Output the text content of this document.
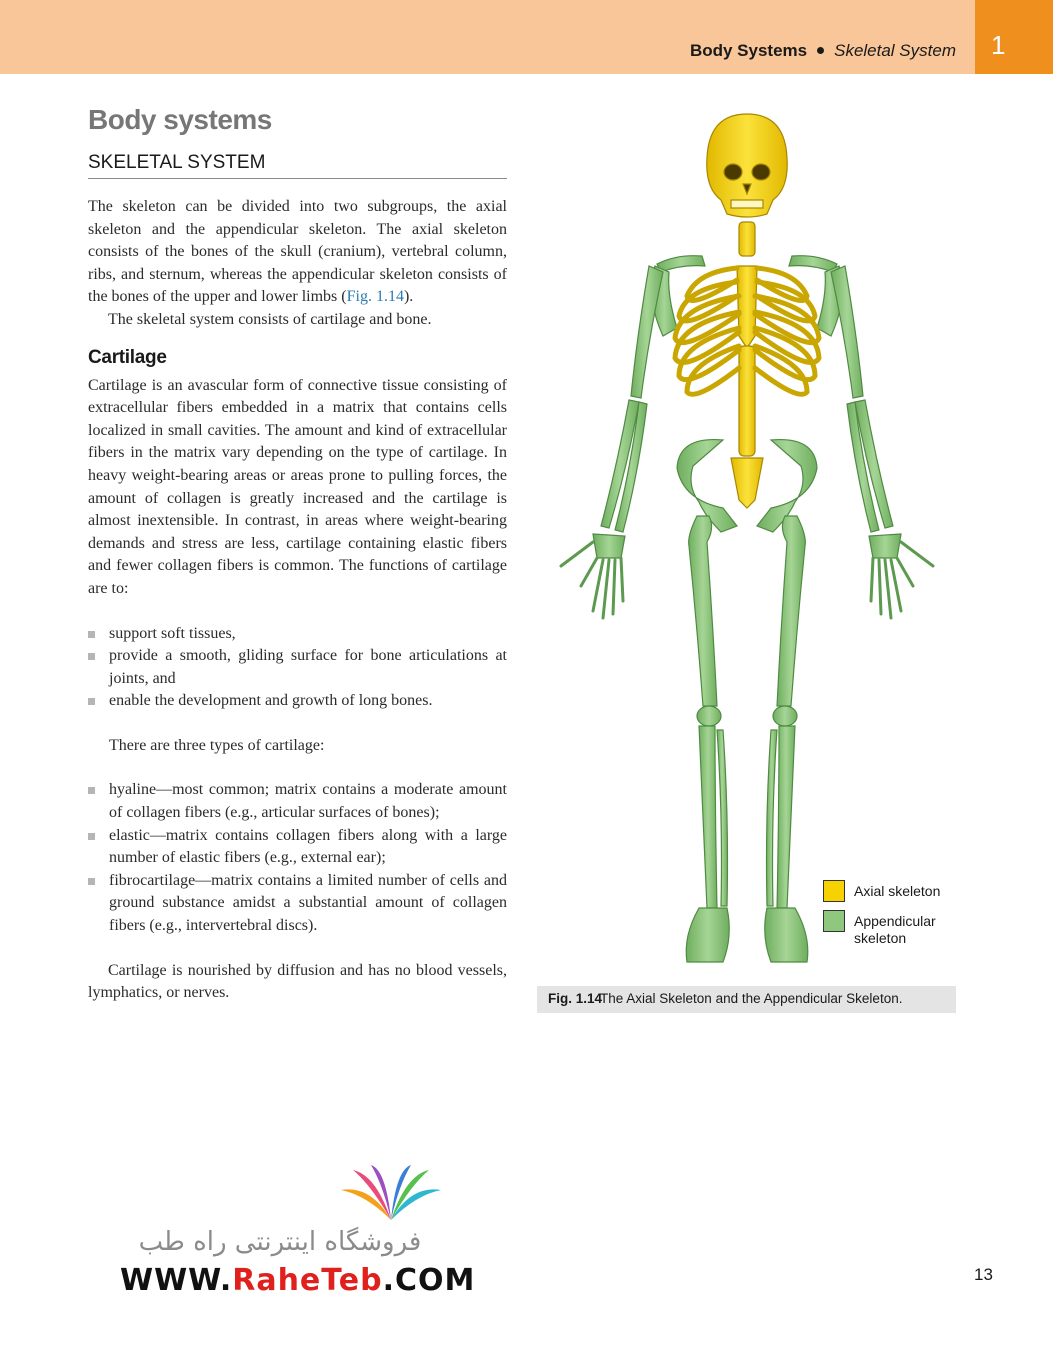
Body Systems Skeletal System 1
Body systems
SKELETAL SYSTEM

The skeleton can be divided into two subgroups, the axial skeleton and the appendicular skeleton. The axial skeleton consists of the bones of the skull (cranium), vertebral column, ribs, and sternum, whereas the appendicular skeleton consists of the bones of the upper and lower limbs (Fig. 1.14).

The skeletal system consists of cartilage and bone.

Cartilage

Cartilage is an avascular form of connective tissue consisting of extracellular fibers embedded in a matrix that contains cells localized in small cavities. The amount and kind of extracellular fibers in the matrix vary depending on the type of cartilage. In heavy weight-bearing areas or areas prone to pulling forces, the amount of collagen is greatly increased and the cartilage is almost inextensible. In contrast, in areas where weight-bearing demands and stress are less, cartilage containing elastic fibers and fewer collagen fibers is common. The functions of cartilage are to:

support soft tissues,
provide a smooth, gliding surface for bone articulations at joints, and
enable the development and growth of long bones.

There are three types of cartilage:

hyaline—most common; matrix contains a moderate amount of collagen fibers (e.g., articular surfaces of bones);
elastic—matrix contains collagen fibers along with a large number of elastic fibers (e.g., external ear);
fibrocartilage—matrix contains a limited number of cells and ground substance amidst a substantial amount of collagen fibers (e.g., intervertebral discs).

Cartilage is nourished by diffusion and has no blood vessels, lymphatics, or nerves.

Axial skeleton
Appendicular skeleton
Fig. 1.14
The Axial Skeleton and the Appendicular Skeleton.
فروشگاه اینترنتی راه طب
WWW.RaheTeb.COM	13
